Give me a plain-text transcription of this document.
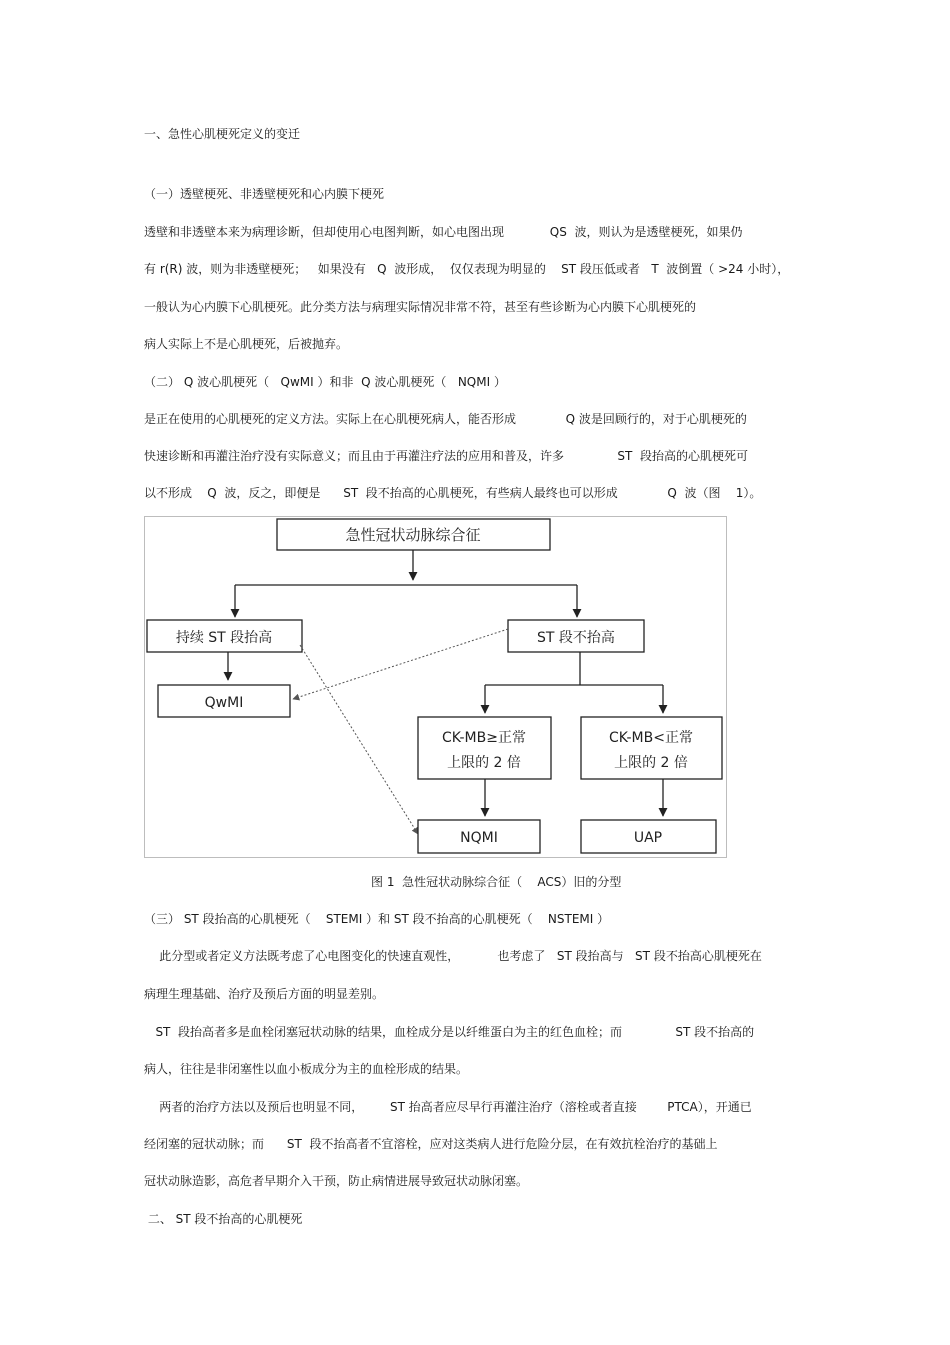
一、急性心肌梗死定义的变迁
（一）透壁梗死、非透壁梗死和心内膜下梗死
透壁和非透壁本来为病理诊断，但却使用心电图判断，如心电图出现            QS  波，则认为是透壁梗死，如果仍
有 r(R) 波，则为非透壁梗死；   如果没有   Q  波形成，  仅仅表现为明显的    ST 段压低或者   T  波倒置（ >24 小时），
一般认为心内膜下心肌梗死。此分类方法与病理实际情况非常不符，甚至有些诊断为心内膜下心肌梗死的
病人实际上不是心肌梗死，后被抛弃。
（二） Q 波心肌梗死（   QwMI ）和非  Q 波心肌梗死（   NQMI ）
是正在使用的心肌梗死的定义方法。实际上在心肌梗死病人，能否形成             Q 波是回顾行的，对于心肌梗死的
快速诊断和再灌注治疗没有实际意义；而且由于再灌注疗法的应用和普及，许多              ST  段抬高的心肌梗死可
以不形成    Q  波，反之，即便是      ST  段不抬高的心肌梗死，有些病人最终也可以形成             Q  波（图    1）。
急性冠状动脉综合征
持续 ST 段抬高	ST 段不抬高
QwMI
CK-MB≥正常
上限的 2 倍
CK-MB<正常
上限的 2 倍
NQMI	UAP
图 1  急性冠状动脉综合征（    ACS）旧的分型
（三） ST 段抬高的心肌梗死（    STEMI ）和 ST 段不抬高的心肌梗死（    NSTEMI ）
此分型或者定义方法既考虑了心电图变化的快速直观性，          也考虑了   ST 段抬高与   ST 段不抬高心肌梗死在
病理生理基础、治疗及预后方面的明显差别。
ST  段抬高者多是血栓闭塞冠状动脉的结果，血栓成分是以纤维蛋白为主的红色血栓；而              ST 段不抬高的
病人，往往是非闭塞性以血小板成分为主的血栓形成的结果。
两者的治疗方法以及预后也明显不同，       ST 抬高者应尽早行再灌注治疗（溶栓或者直接        PTCA），开通已
经闭塞的冠状动脉；而      ST  段不抬高者不宜溶栓，应对这类病人进行危险分层，在有效抗栓治疗的基础上
冠状动脉造影，高危者早期介入干预，防止病情进展导致冠状动脉闭塞。
二、 ST 段不抬高的心肌梗死
